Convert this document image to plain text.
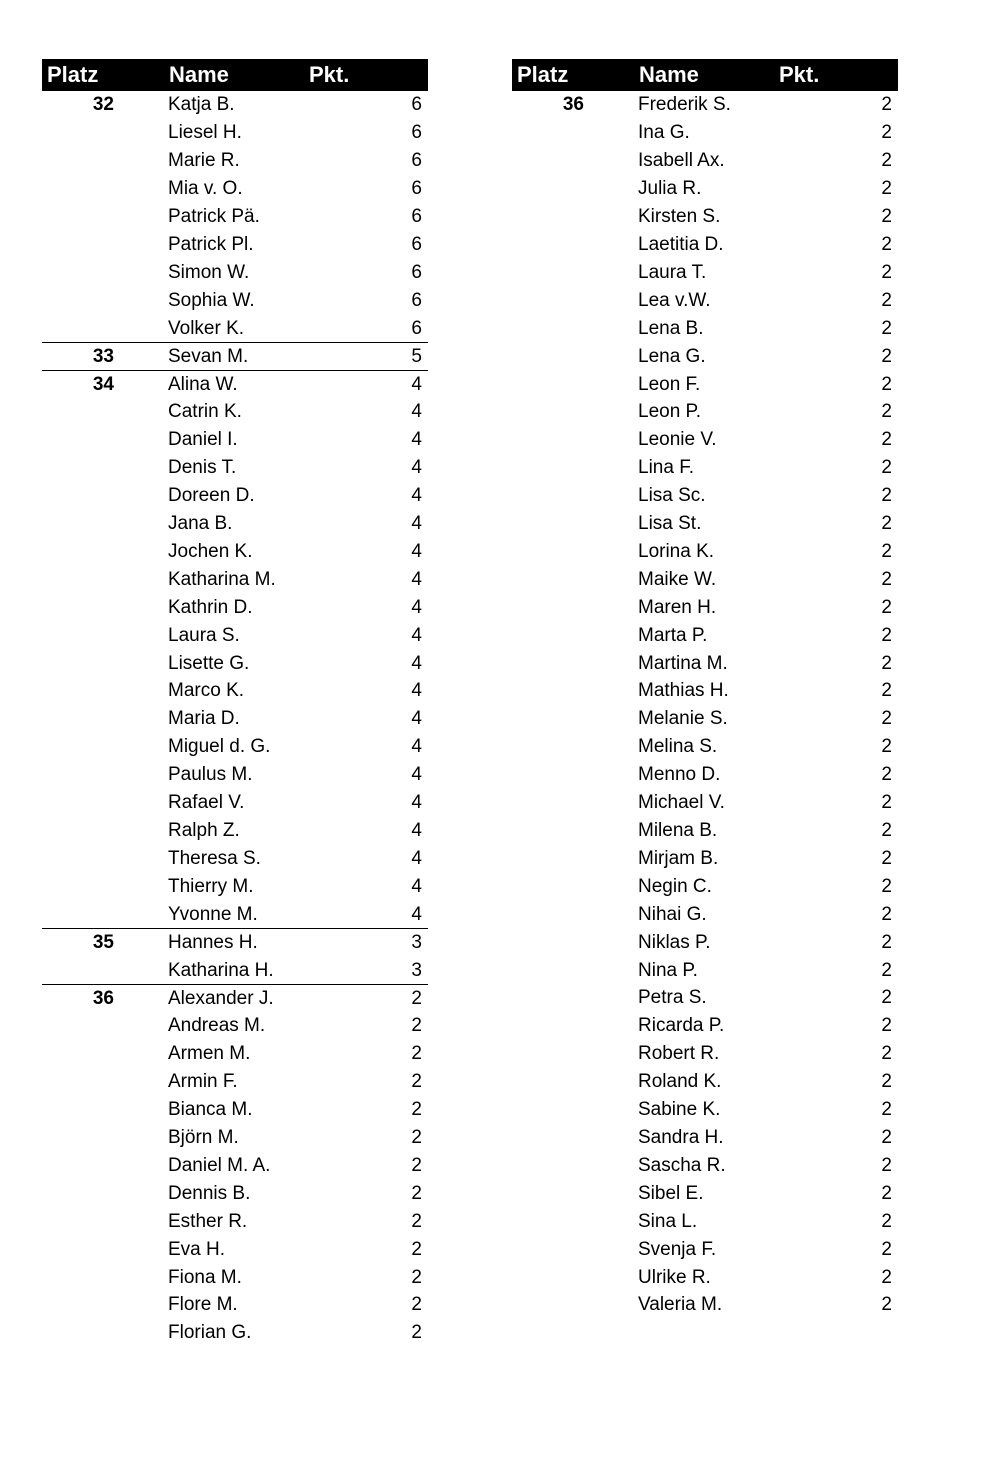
Platz	Name	Pkt.
32	Katja B.	6
Liesel H.	6
Marie R.	6
Mia v. O.	6
Patrick Pä.	6
Patrick Pl.	6
Simon W.	6
Sophia W.	6
Volker K.	6
33	Sevan M.	5
34	Alina W.	4
Catrin K.	4
Daniel I.	4
Denis T.	4
Doreen D.	4
Jana B.	4
Jochen K.	4
Katharina M.	4
Kathrin D.	4
Laura S.	4
Lisette G.	4
Marco K.	4
Maria D.	4
Miguel d. G.	4
Paulus M.	4
Rafael V.	4
Ralph Z.	4
Theresa S.	4
Thierry M.	4
Yvonne M.	4
35	Hannes H.	3
Katharina H.	3
36	Alexander J.	2
Andreas M.	2
Armen M.	2
Armin F.	2
Bianca M.	2
Björn M.	2
Daniel M. A.	2
Dennis B.	2
Esther R.	2
Eva H.	2
Fiona M.	2
Flore M.	2
Florian G.	2
Platz	Name	Pkt.
36	Frederik S.	2
Ina G.	2
Isabell Ax.	2
Julia R.	2
Kirsten S.	2
Laetitia D.	2
Laura T.	2
Lea v.W.	2
Lena B.	2
Lena G.	2
Leon F.	2
Leon P.	2
Leonie V.	2
Lina F.	2
Lisa Sc.	2
Lisa St.	2
Lorina K.	2
Maike W.	2
Maren H.	2
Marta P.	2
Martina M.	2
Mathias H.	2
Melanie S.	2
Melina S.	2
Menno D.	2
Michael V.	2
Milena B.	2
Mirjam B.	2
Negin C.	2
Nihai G.	2
Niklas P.	2
Nina P.	2
Petra S.	2
Ricarda P.	2
Robert R.	2
Roland K.	2
Sabine K.	2
Sandra H.	2
Sascha R.	2
Sibel E.	2
Sina L.	2
Svenja F.	2
Ulrike R.	2
Valeria M.	2
